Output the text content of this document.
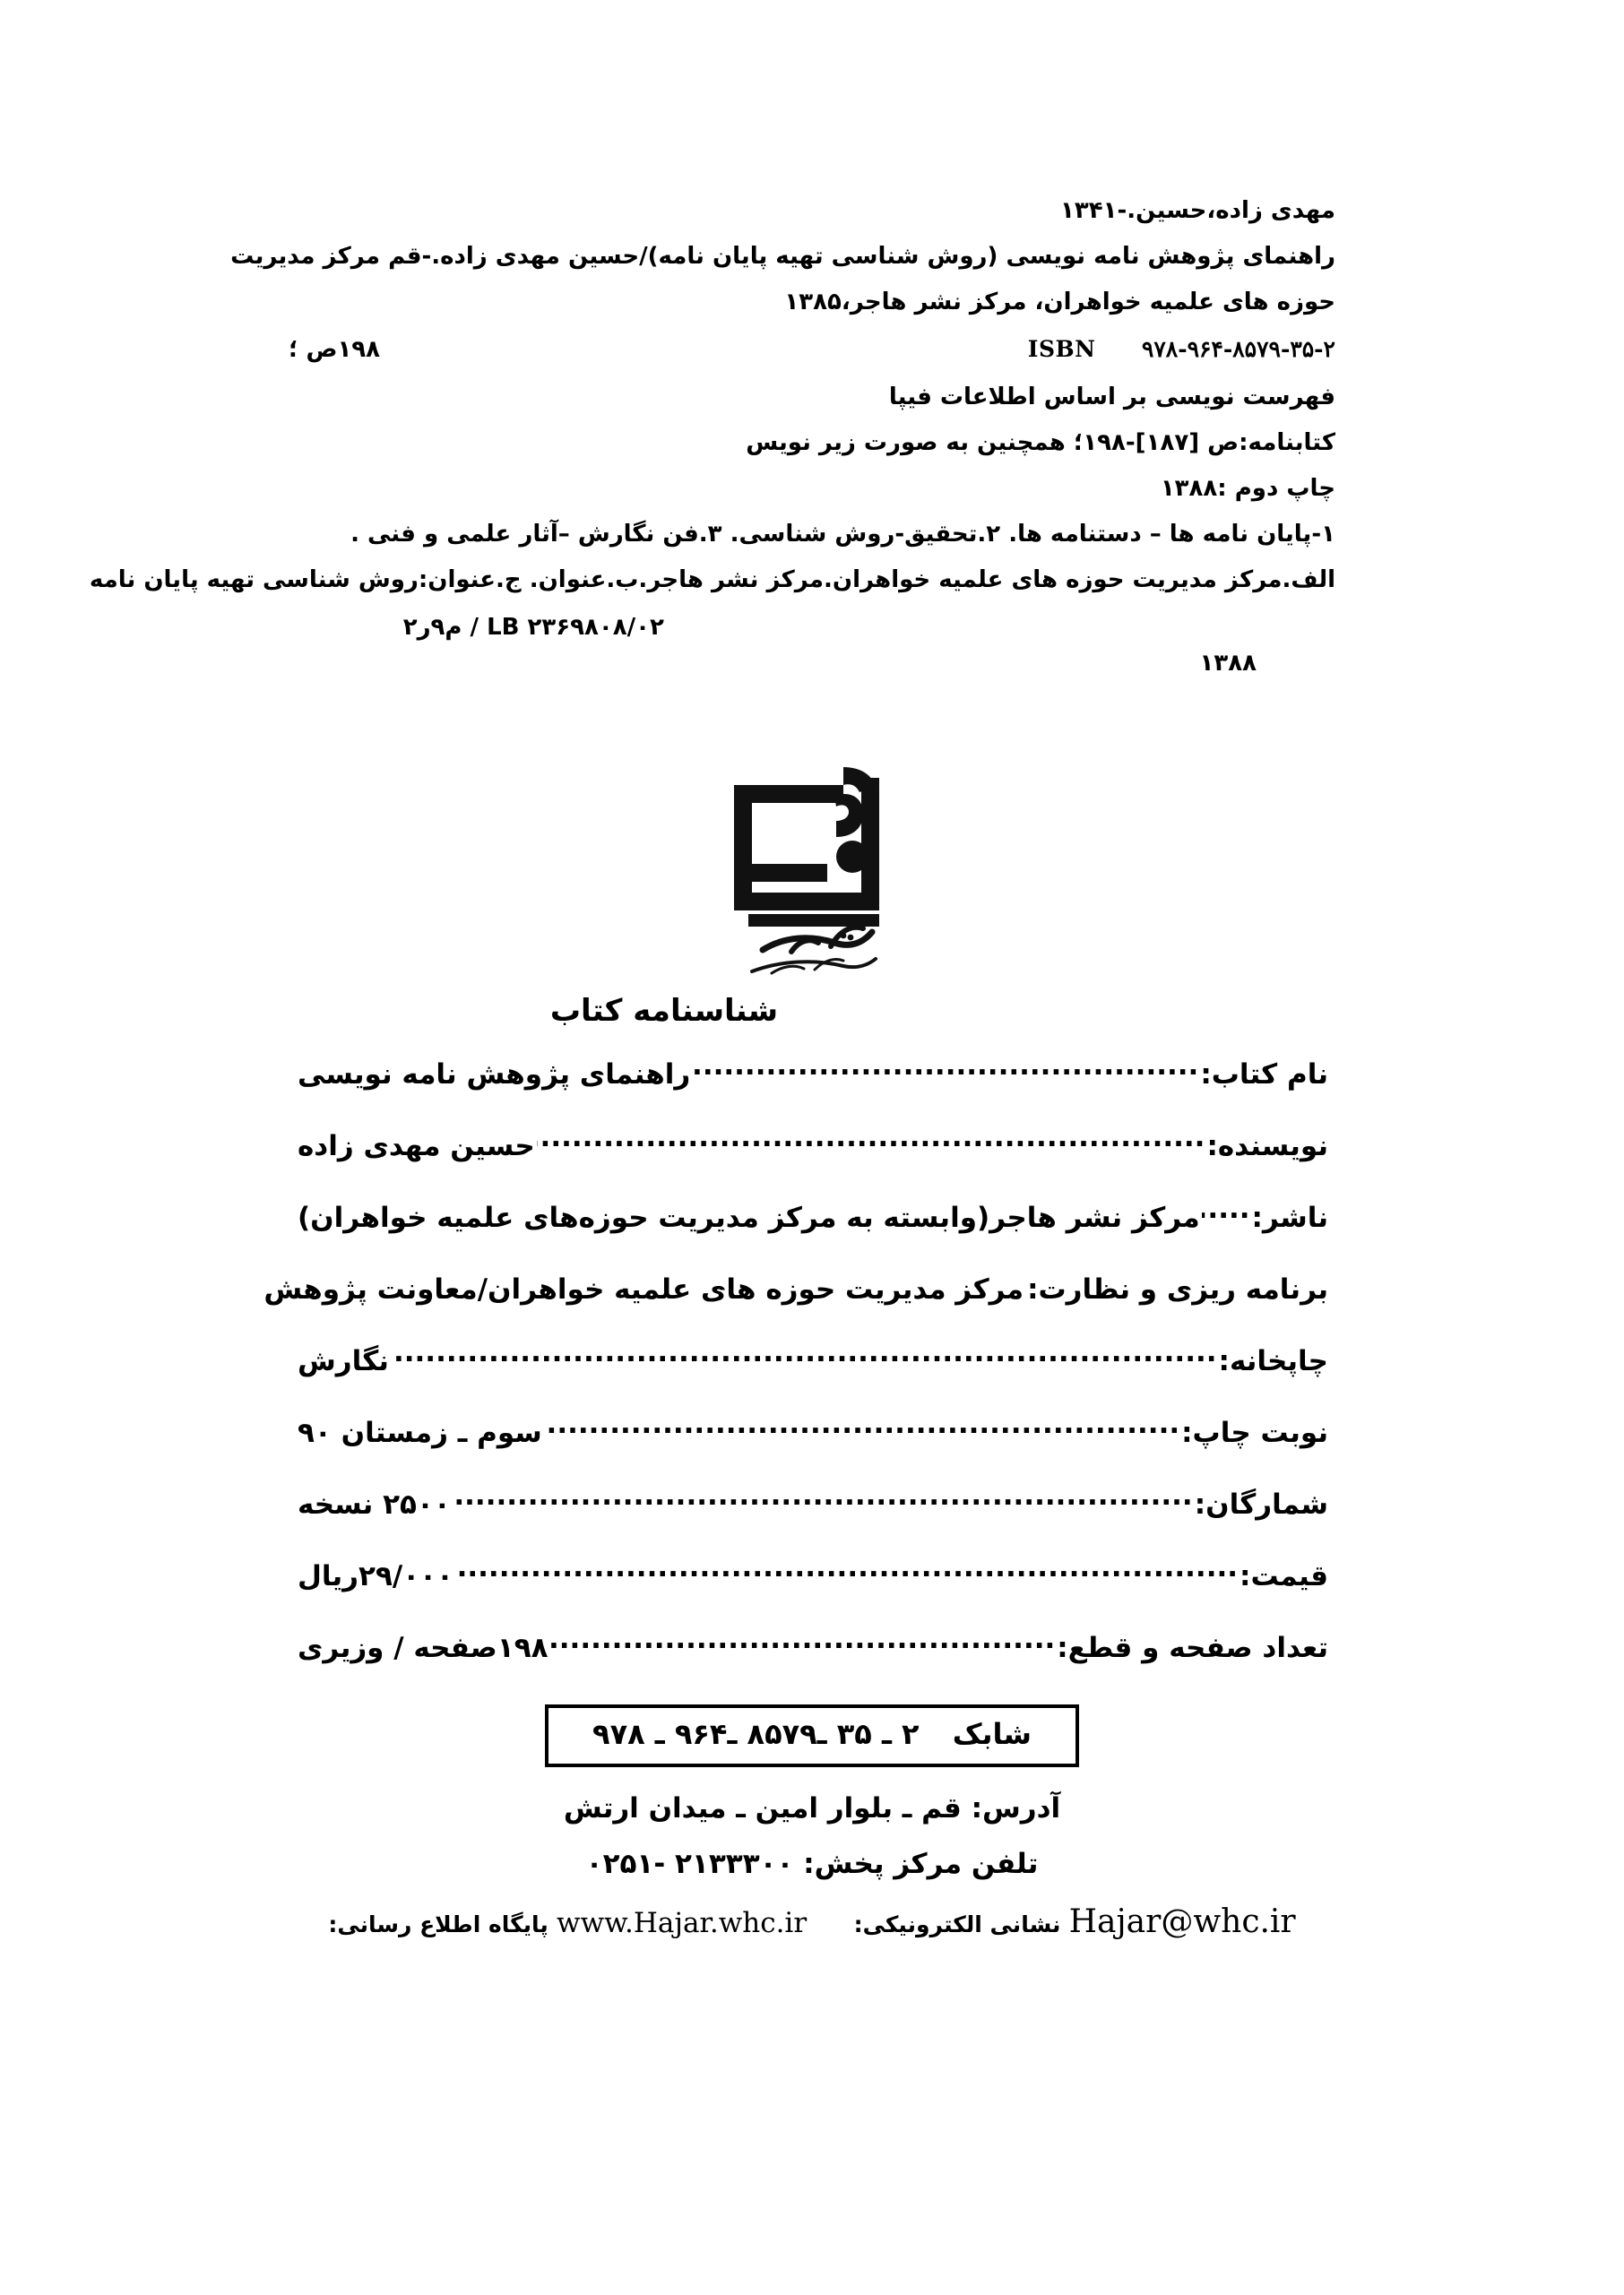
مهدی زاده،حسین.-۱۳۴۱
راهنمای پژوهش نامه نویسی (روش شناسی تهیه پایان نامه)/حسین مهدی زاده.-قم مرکز مدیریت
حوزه های علمیه خواهران، مرکز نشر هاجر،۱۳۸۵
۱۹۸ص ؛	ISBN ۹۷۸-۹۶۴-۸۵۷۹-۳۵-۲
فهرست نویسی بر اساس اطلاعات فیپا
کتابنامه:ص [۱۸۷]-۱۹۸؛ همچنین به صورت زیر نویس
چاپ دوم :۱۳۸۸
۱-پایان نامه ها – دستنامه ها. ۲.تحقیق-روش شناسی. ۳.فن نگارش –آثار علمی و فنی .
الف.مرکز مدیریت حوزه های علمیه خواهران.مرکز نشر هاجر.ب.عنوان. ج.عنوان:روش شناسی تهیه پایان نامه
LB ۲۳۶۹ / م۹ر۲ ۸۰۸/۰۲
۱۳۸۸
شناسنامه کتاب
نام کتاب:
.....
راهنمای پژوهش نامه نویسی
نویسنده:
.....
حسین مهدی زاده
ناشر:
.....
مرکز نشر هاجر(وابسته به مرکز مدیریت حوزه‌های علمیه خواهران)
برنامه ریزی و نظارت:
مرکز مدیریت حوزه های علمیه خواهران/معاونت پژوهش
چاپخانه:
.....
نگارش
نوبت چاپ:
.....
سوم ـ زمستان ۹۰
شمارگان:
.....
۲۵۰۰ نسخه
قیمت:
.....
۲۹/۰۰۰ریال
تعداد صفحه و قطع:
.....
۱۹۸صفحه / وزیری
شابک ۲ ـ ۳۵ ـ۸۵۷۹ ـ۹۶۴ ـ ۹۷۸
آدرس: قم ـ بلوار امین ـ میدان ارتش
تلفن مرکز پخش: ۲۱۳۳۳۰۰ -۰۲۵۱
Hajar@whc.ir نشانی الکترونیکی:  www.Hajar.whc.ir پایگاه اطلاع رسانی:
